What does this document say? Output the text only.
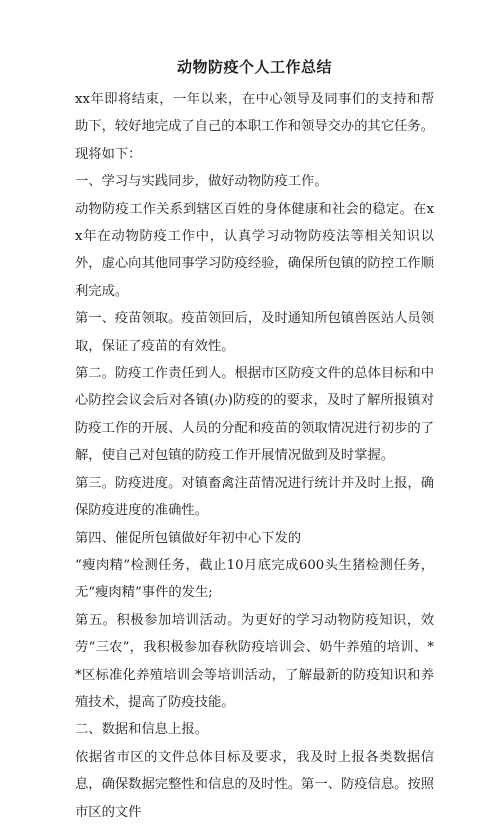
动物防疫个人工作总结

xx年即将结束，一年以来，在中心领导及同事们的支持和帮助下，较好地完成了自己的本职工作和领导交办的其它任务。现将如下：

一、学习与实践同步，做好动物防疫工作。

动物防疫工作关系到辖区百姓的身体健康和社会的稳定。在xx年在动物防疫工作中，认真学习动物防疫法等相关知识以外，虚心向其他同事学习防疫经验，确保所包镇的防控工作顺利完成。

第一、疫苗领取。疫苗领回后，及时通知所包镇兽医站人员领取，保证了疫苗的有效性。

第二。防疫工作责任到人。根据市区防疫文件的总体目标和中心防控会议会后对各镇(办)防疫的的要求，及时了解所报镇对防疫工作的开展、人员的分配和疫苗的领取情况进行初步的了解，使自己对包镇的防疫工作开展情况做到及时掌握。

第三。防疫进度。对镇畜禽注苗情况进行统计并及时上报，确保防疫进度的准确性。

第四、催促所包镇做好年初中心下发的

“瘦肉精”检测任务，截止10月底完成600头生猪检测任务，无“瘦肉精”事件的发生;

第五。积极参加培训活动。为更好的学习动物防疫知识，效劳“三农”，我积极参加春秋防疫培训会、奶牛养殖的培训、**区标准化养殖培训会等培训活动，了解最新的防疫知识和养殖技术，提高了防疫技能。

二、数据和信息上报。

依据省市区的文件总体目标及要求，我及时上报各类数据信息，确保数据完整性和信息的及时性。第一、防疫信息。按照市区的文件
